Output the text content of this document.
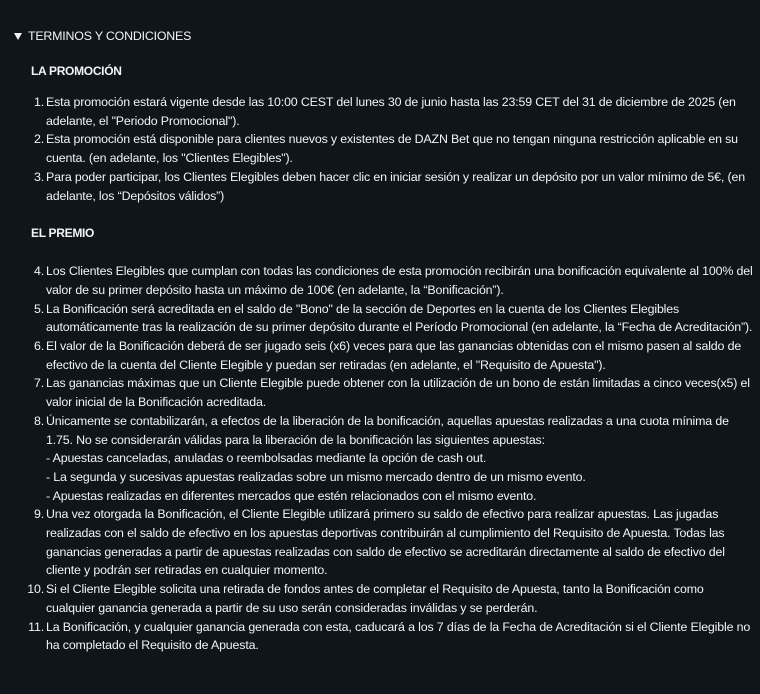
TERMINOS Y CONDICIONES
LA PROMOCIÓN
1. Esta promoción estará vigente desde las 10:00 CEST del lunes 30 de junio hasta las 23:59 CET del 31 de diciembre de 2025 (en adelante, el "Periodo Promocional").
2. Esta promoción está disponible para clientes nuevos y existentes de DAZN Bet que no tengan ninguna restricción aplicable en su cuenta. (en adelante, los "Clientes Elegibles").
3. Para poder participar, los Clientes Elegibles deben hacer clic en iniciar sesión y realizar un depósito por un valor mínimo de 5€, (en adelante, los “Depósitos válidos”)
EL PREMIO
4. Los Clientes Elegibles que cumplan con todas las condiciones de esta promoción recibirán una bonificación equivalente al 100% del valor de su primer depósito hasta un máximo de 100€ (en adelante, la “Bonificación”).
5. La Bonificación será acreditada en el saldo de "Bono" de la sección de Deportes en la cuenta de los Clientes Elegibles automáticamente tras la realización de su primer depósito durante el Período Promocional (en adelante, la “Fecha de Acreditación”).
6. El valor de la Bonificación deberá de ser jugado seis (x6) veces para que las ganancias obtenidas con el mismo pasen al saldo de efectivo de la cuenta del Cliente Elegible y puedan ser retiradas (en adelante, el "Requisito de Apuesta").
7. Las ganancias máximas que un Cliente Elegible puede obtener con la utilización de un bono de están limitadas a cinco veces(x5) el valor inicial de la Bonificación acreditada.
8. Únicamente se contabilizarán, a efectos de la liberación de la bonificación, aquellas apuestas realizadas a una cuota mínima de 1.75. No se considerarán válidas para la liberación de la bonificación las siguientes apuestas:
- Apuestas canceladas, anuladas o reembolsadas mediante la opción de cash out.
- La segunda y sucesivas apuestas realizadas sobre un mismo mercado dentro de un mismo evento.
- Apuestas realizadas en diferentes mercados que estén relacionados con el mismo evento.
9. Una vez otorgada la Bonificación, el Cliente Elegible utilizará primero su saldo de efectivo para realizar apuestas. Las jugadas realizadas con el saldo de efectivo en los apuestas deportivas contribuirán al cumplimiento del Requisito de Apuesta. Todas las ganancias generadas a partir de apuestas realizadas con saldo de efectivo se acreditarán directamente al saldo de efectivo del cliente y podrán ser retiradas en cualquier momento.
10. Si el Cliente Elegible solicita una retirada de fondos antes de completar el Requisito de Apuesta, tanto la Bonificación como cualquier ganancia generada a partir de su uso serán consideradas inválidas y se perderán.
11. La Bonificación, y cualquier ganancia generada con esta, caducará a los 7 días de la Fecha de Acreditación si el Cliente Elegible no ha completado el Requisito de Apuesta.
